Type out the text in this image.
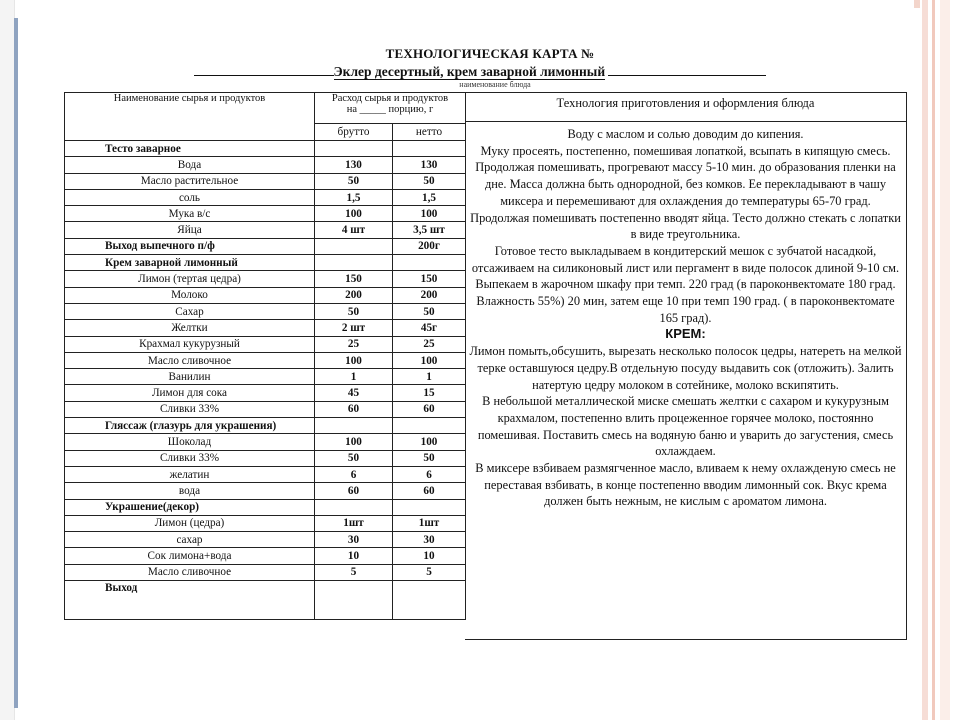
ТЕХНОЛОГИЧЕСКАЯ КАРТА №
Эклер десертный, крем заварной лимонный
наименование блюда
Наименование сырья и продуктов	Расход сырья и продуктов
на _____ порцию, г	

	брутто	нетто
Тесто заварное		
Вода	130	130
Масло растительное	50	50
соль	1,5	1,5
Мука в/с	100	100
Яйца	4 шт	3,5 шт
Выход выпечного п/ф		200г
Крем заварной лимонный		
Лимон (тертая цедра)	150	150
Молоко	200	200
Сахар	50	50
Желтки	2 шт	45г
Крахмал кукурузный	25	25
Масло сливочное	100	100
Ванилин	1	1
Лимон для сока	45	15
Сливки 33%	60	60
Глясcаж (глазурь для украшения)		
Шоколад	100	100
Сливки 33%	50	50
желатин	6	6
вода	60	60
Украшение(декор)		
Лимон (цедра)	1шт	1шт
сахар	30	30
Сок лимона+вода	10	10
Масло сливочное	5	5
Выход		
Технология приготовления и оформления блюда

Воду с маслом и солью доводим до кипения.

Муку просеять, постепенно, помешивая лопаткой, всыпать в кипящую смесь. Продолжая помешивать, прогревают массу 5-10 мин. до образования пленки на дне. Масса должна быть однородной, без комков. Ее перекладывают в чашу миксера и перемешивают для охлаждения до температуры 65-70 град.

Продолжая помешивать постепенно вводят яйца. Тесто должно стекать с лопатки в виде треугольника.

Готовое тесто выкладываем в кондитерский мешок с зубчатой насадкой, отсаживаем на силиконовый лист или пергамент в виде полосок длиной 9-10 см.

Выпекаем в жарочном шкафу при темп. 220 град (в пароконвектомате 180 град. Влажность 55%) 20 мин, затем еще 10 при темп 190 град. ( в пароконвектомате 165 град).

КРЕМ:

Лимон помыть,обсушить, вырезать несколько полосок цедры, натереть на мелкой терке оставшуюся цедру.В отдельную посуду выдавить сок (отложить). Залить натертую цедру молоком в сотейнике, молоко вскипятить.

В небольшой металлической миске смешать желтки с сахаром и кукурузным крахмалом, постепенно влить процеженное горячее молоко, постоянно помешивая. Поставить смесь на водяную баню и уварить до загустения, смесь охлаждаем.

В миксере взбиваем размягченное масло, вливаем к нему охлажденую смесь не переставая взбивать, в конце постепенно вводим лимонный сок. Вкус крема должен быть нежным, не кислым с ароматом лимона.
